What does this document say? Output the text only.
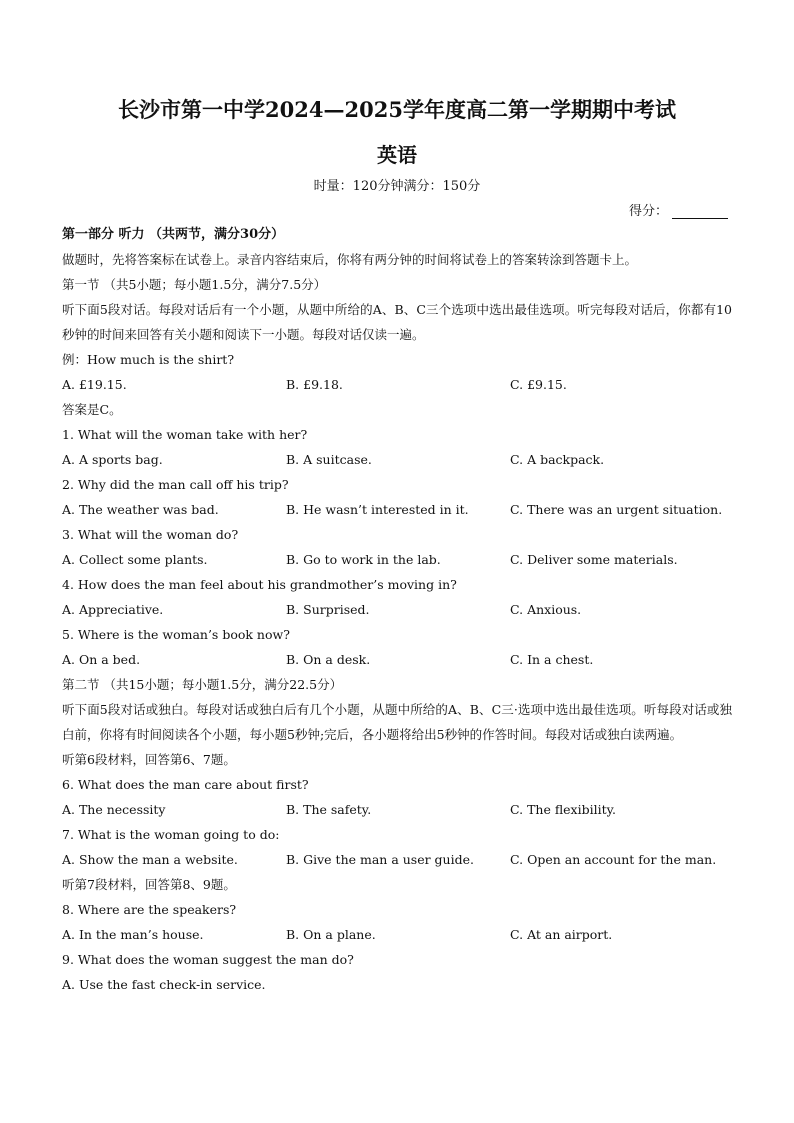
长沙市第一中学2024—2025学年度高二第一学期期中考试
英语
时量：120分钟满分：150分
得分：
第一部分 听力 （共两节，满分30分）
做题时，先将答案标在试卷上。录音内容结束后，你将有两分钟的时间将试卷上的答案转涂到答题卡上。
第一节 （共5小题；每小题1.5分，满分7.5分）
听下面5段对话。每段对话后有一个小题，从题中所给的A、B、C三个选项中选出最佳选项。听完每段对话后，你都有10秒钟的时间来回答有关小题和阅读下一小题。每段对话仅读一遍。
例：How much is the shirt?
A. £19.15.	B. £9.18.	C. £9.15.
答案是C。
1. What will the woman take with her?
A. A sports bag.	B. A suitcase.	C. A backpack.
2. Why did the man call off his trip?
A. The weather was bad.	B. He wasn’t interested in it.	C. There was an urgent situation.
3. What will the woman do?
A. Collect some plants.	B. Go to work in the lab.	C. Deliver some materials.
4. How does the man feel about his grandmother’s moving in?
A. Appreciative.	B. Surprised.	C. Anxious.
5. Where is the woman’s book now?
A. On a bed.	B. On a desk.	C. In a chest.
第二节 （共15小题；每小题1.5分，满分22.5分）
听下面5段对话或独白。每段对话或独白后有几个小题，从题中所给的A、B、C三·选项中选出最佳选项。听每段对话或独白前，你将有时间阅读各个小题，每小题5秒钟;完后，各小题将给出5秒钟的作答时间。每段对话或独白读两遍。
听第6段材料，回答第6、7题。
6. What does the man care about first?
A. The necessity	B. The safety.	C. The flexibility.
7. What is the woman going to do:
A. Show the man a website.	B. Give the man a user guide.	C. Open an account for the man.
听第7段材料，回答第8、9题。
8. Where are the speakers?
A. In the man’s house.	B. On a plane.	C. At an airport.
9. What does the woman suggest the man do?
A. Use the fast check-in service.
